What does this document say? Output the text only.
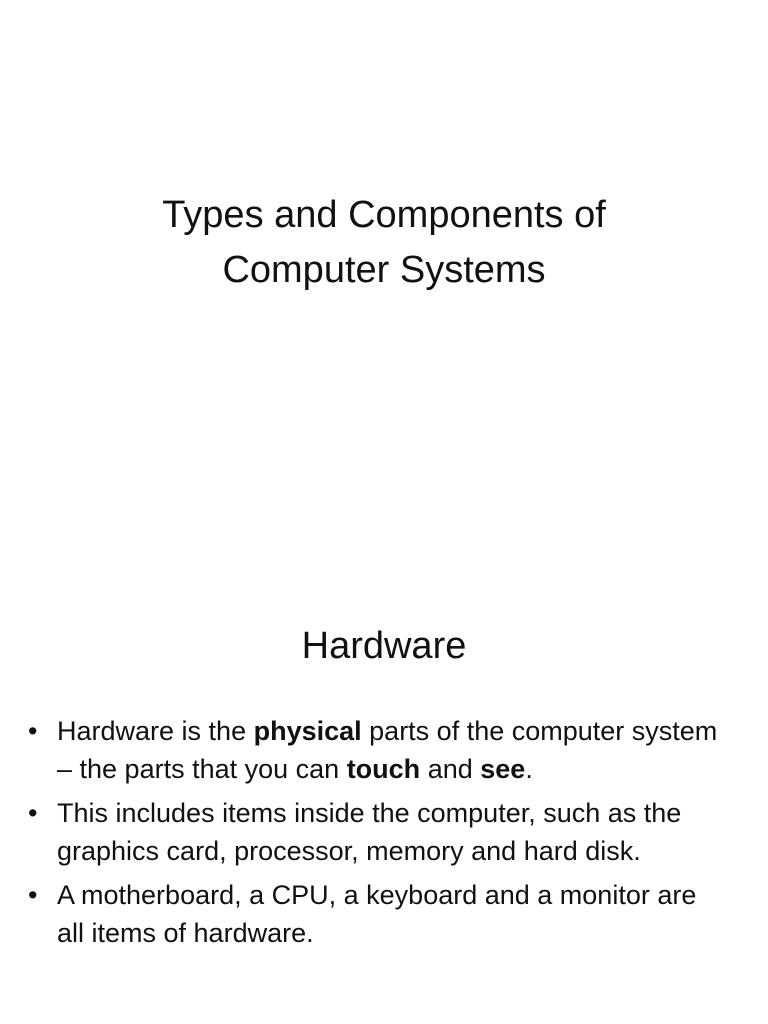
Types and Components of
Computer Systems
Hardware
• Hardware is the physical parts of the computer system – the parts that you can touch and see.
• This includes items inside the computer, such as the graphics card, processor, memory and hard disk.
• A motherboard, a CPU, a keyboard and a monitor are all items of hardware.
